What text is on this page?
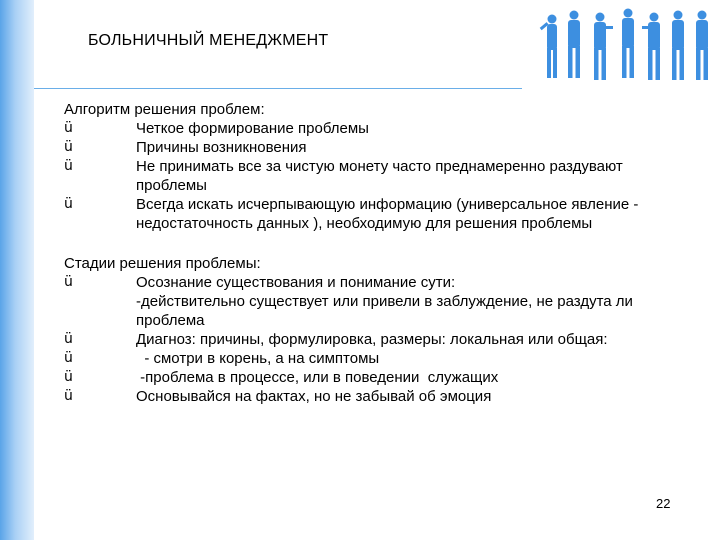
БОЛЬНИЧНЫЙ МЕНЕДЖМЕНТ
Алгоритм решения проблем:
ü	Четкое формирование проблемы
ü	Причины возникновения
ü	Не принимать все за чистую монету часто преднамеренно раздувают проблемы
ü	Всегда искать исчерпывающую информацию (универсальное явление - недостаточность данных ), необходимую для решения проблемы
Стадии решения проблемы:
ü	Осознание существования и понимание сути:
-действительно существует или привели в заблуждение, не раздута ли проблема
ü	Диагноз: причины, формулировка, размеры: локальная или общая:
ü	- смотри в корень, а на симптомы
ü	-проблема в процессе, или в поведении  служащих
ü	Основывайся на фактах, но не забывай об эмоция
22
